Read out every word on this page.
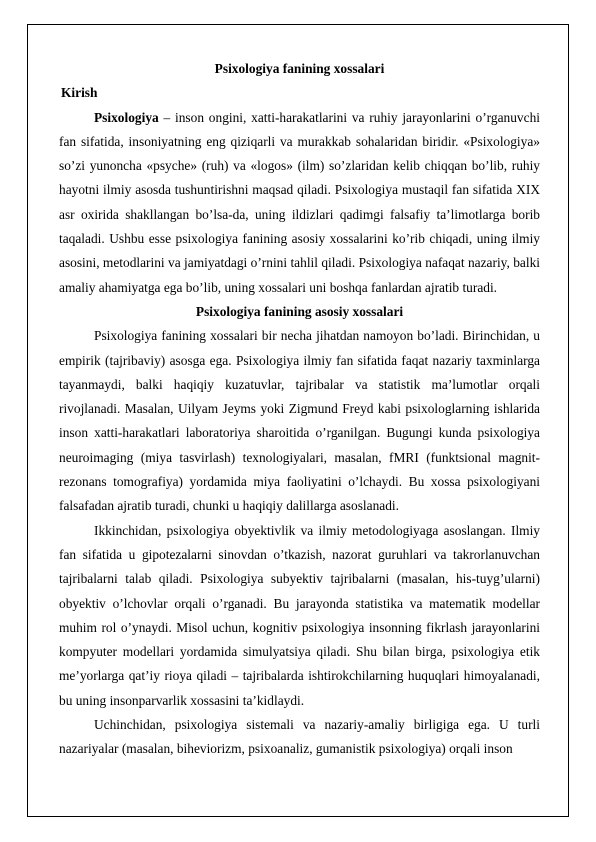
Psixologiya fanining xossalari

Kirish

Psixologiya – inson ongini, xatti-harakatlarini va ruhiy jarayonlarini o’rganuvchi fan sifatida, insoniyatning eng qiziqarli va murakkab sohalaridan biridir. «Psixologiya» so’zi yunoncha «psyche» (ruh) va «logos» (ilm) so’zlaridan kelib chiqqan bo’lib, ruhiy hayotni ilmiy asosda tushuntirishni maqsad qiladi. Psixologiya mustaqil fan sifatida XIX asr oxirida shakllangan bo’lsa-da, uning ildizlari qadimgi falsafiy ta’limotlarga borib taqaladi. Ushbu esse psixologiya fanining asosiy xossalarini ko’rib chiqadi, uning ilmiy asosini, metodlarini va jamiyatdagi o’rnini tahlil qiladi. Psixologiya nafaqat nazariy, balki amaliy ahamiyatga ega bo’lib, uning xossalari uni boshqa fanlardan ajratib turadi.

Psixologiya fanining asosiy xossalari

Psixologiya fanining xossalari bir necha jihatdan namoyon bo’ladi. Birinchidan, u empirik (tajribaviy) asosga ega. Psixologiya ilmiy fan sifatida faqat nazariy taxminlarga tayanmaydi, balki haqiqiy kuzatuvlar, tajribalar va statistik ma’lumotlar orqali rivojlanadi. Masalan, Uilyam Jeyms yoki Zigmund Freyd kabi psixologlarning ishlarida inson xatti-harakatlari laboratoriya sharoitida o’rganilgan. Bugungi kunda psixologiya neuroimaging (miya tasvirlash) texnologiyalari, masalan, fMRI (funktsional magnit-rezonans tomografiya) yordamida miya faoliyatini o’lchaydi. Bu xossa psixologiyani falsafadan ajratib turadi, chunki u haqiqiy dalillarga asoslanadi.

Ikkinchidan, psixologiya obyektivlik va ilmiy metodologiyaga asoslangan. Ilmiy fan sifatida u gipotezalarni sinovdan o’tkazish, nazorat guruhlari va takrorlanuvchan tajribalarni talab qiladi. Psixologiya subyektiv tajribalarni (masalan, his-tuyg’ularni) obyektiv o’lchovlar orqali o’rganadi. Bu jarayonda statistika va matematik modellar muhim rol o’ynaydi. Misol uchun, kognitiv psixologiya insonning fikrlash jarayonlarini kompyuter modellari yordamida simulyatsiya qiladi. Shu bilan birga, psixologiya etik me’yorlarga qat’iy rioya qiladi – tajribalarda ishtirokchilarning huquqlari himoyalanadi, bu uning insonparvarlik xossasini ta’kidlaydi.

Uchinchidan, psixologiya sistemali va nazariy-amaliy birligiga ega. U turli nazariyalar (masalan, biheviorizm, psixoanaliz, gumanistik psixologiya) orqali inson
